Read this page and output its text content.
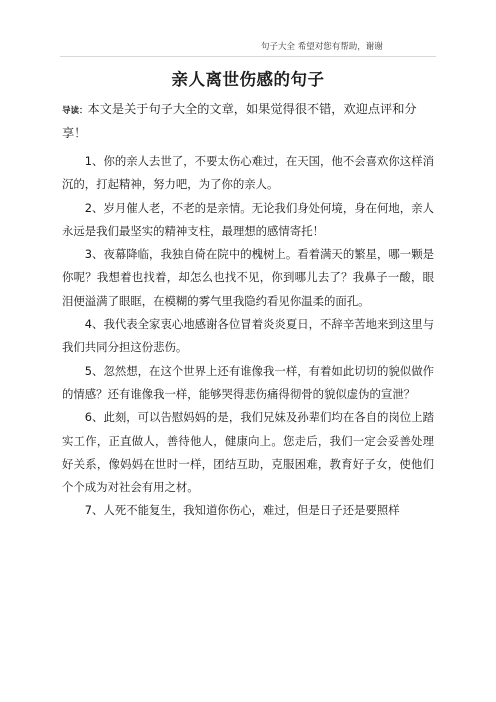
句子大全 希望对您有帮助，谢谢
亲人离世伤感的句子
导读：本文是关于句子大全的文章，如果觉得很不错，欢迎点评和分享！

1、你的亲人去世了，不要太伤心难过，在天国，他不会喜欢你这样消沉的，打起精神，努力吧，为了你的亲人。

2、岁月催人老，不老的是亲情。无论我们身处何境，身在何地，亲人永远是我们最坚实的精神支柱，最理想的感情寄托！

3、夜幕降临，我独自倚在院中的槐树上。看着满天的繁星，哪一颗是你呢？我想着也找着，却怎么也找不见，你到哪儿去了？我鼻子一酸，眼泪便溢满了眼眶，在模糊的雾气里我隐约看见你温柔的面孔。

4、我代表全家衷心地感谢各位冒着炎炎夏日，不辞辛苦地来到这里与我们共同分担这份悲伤。

5、忽然想，在这个世界上还有谁像我一样，有着如此切切的貌似做作的情感？还有谁像我一样，能够哭得悲伤痛得彻骨的貌似虚伪的宣泄？

6、此刻，可以告慰妈妈的是，我们兄妹及孙辈们均在各自的岗位上踏实工作，正直做人，善待他人，健康向上。您走后，我们一定会妥善处理好关系，像妈妈在世时一样，团结互助，克服困难，教育好子女，使他们个个成为对社会有用之材。

7、人死不能复生，我知道你伤心，难过，但是日子还是要照样
